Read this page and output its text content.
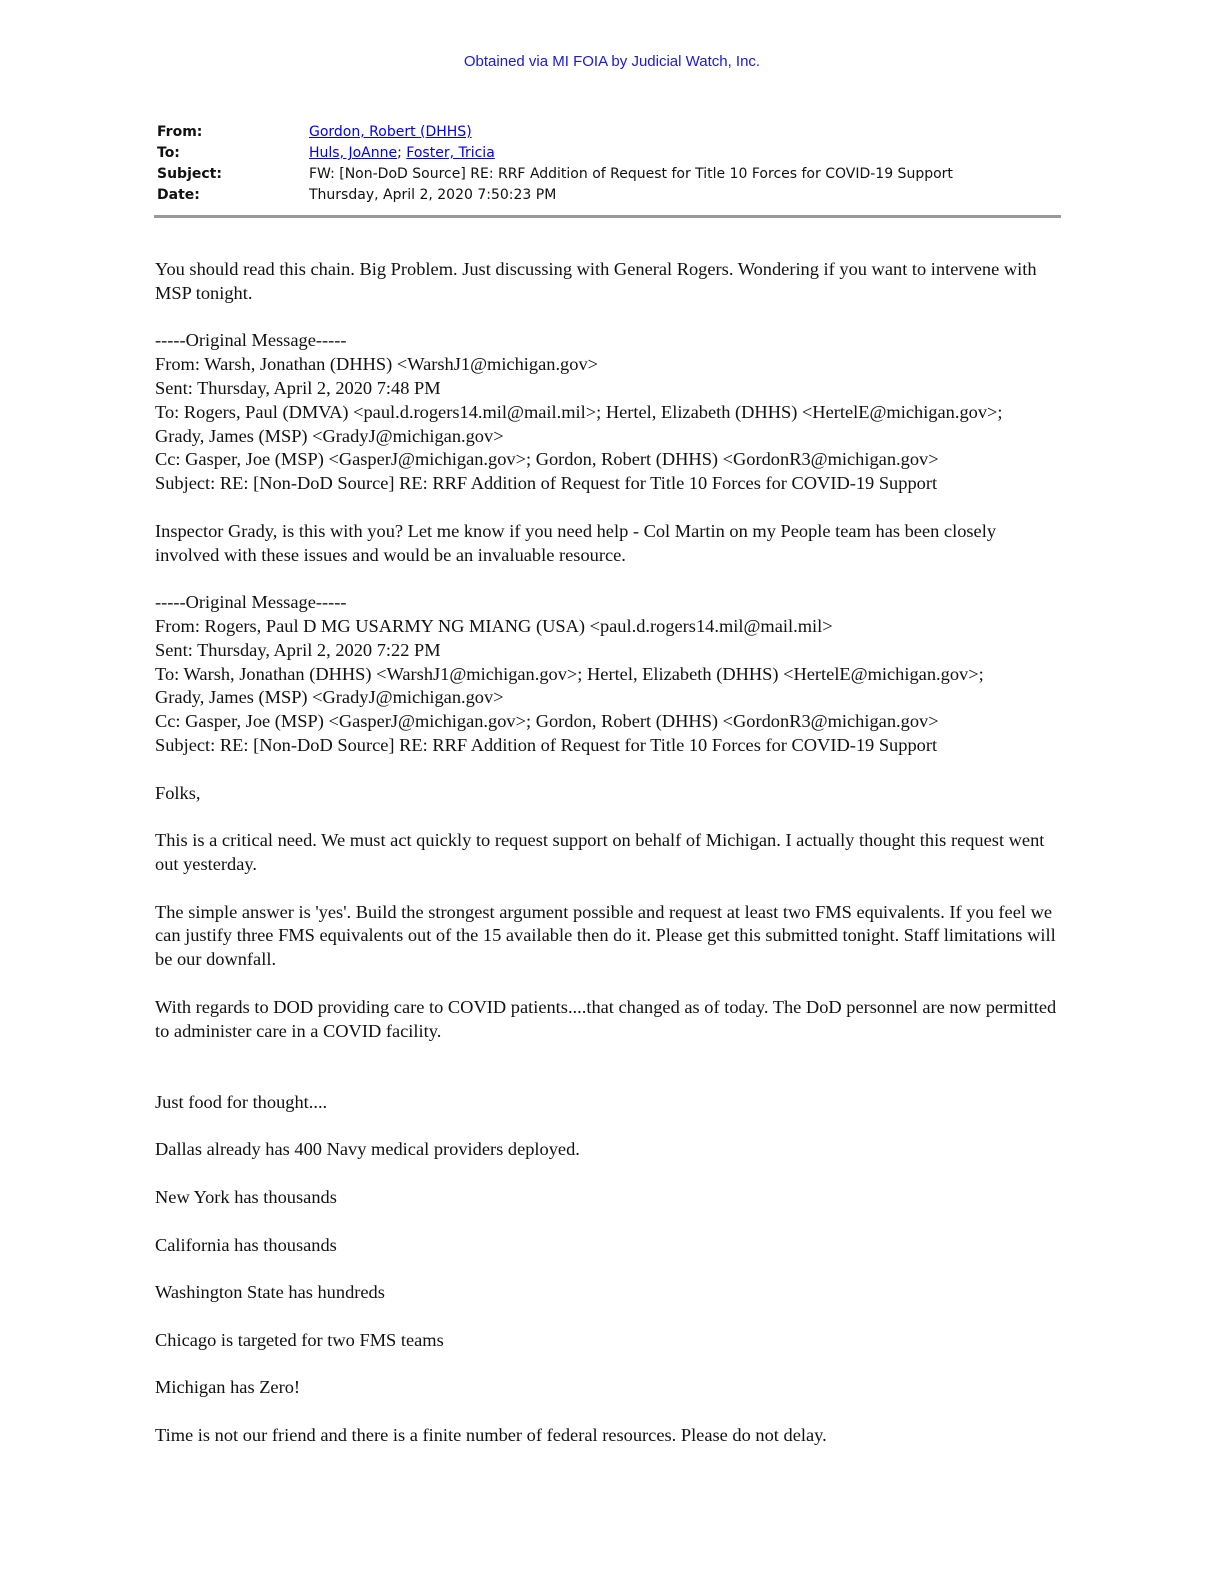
Obtained via MI FOIA by Judicial Watch, Inc.
From:	Gordon, Robert (DHHS)
To:	Huls, JoAnne; Foster, Tricia
Subject:	FW: [Non-DoD Source] RE: RRF Addition of Request for Title 10 Forces for COVID-19 Support
Date:	Thursday, April 2, 2020 7:50:23 PM

You should read this chain. Big Problem. Just discussing with General Rogers. Wondering if you want to intervene with MSP tonight.

-----Original Message-----

From: Warsh, Jonathan (DHHS) <WarshJ1@michigan.gov>

Sent: Thursday, April 2, 2020 7:48 PM

To: Rogers, Paul (DMVA) <paul.d.rogers14.mil@mail.mil>; Hertel, Elizabeth (DHHS) <HertelE@michigan.gov>;

Grady, James (MSP) <GradyJ@michigan.gov>

Cc: Gasper, Joe (MSP) <GasperJ@michigan.gov>; Gordon, Robert (DHHS) <GordonR3@michigan.gov>

Subject: RE: [Non-DoD Source] RE: RRF Addition of Request for Title 10 Forces for COVID-19 Support

Inspector Grady, is this with you? Let me know if you need help - Col Martin on my People team has been closely involved with these issues and would be an invaluable resource.

-----Original Message-----

From: Rogers, Paul D MG USARMY NG MIANG (USA) <paul.d.rogers14.mil@mail.mil>

Sent: Thursday, April 2, 2020 7:22 PM

To: Warsh, Jonathan (DHHS) <WarshJ1@michigan.gov>; Hertel, Elizabeth (DHHS) <HertelE@michigan.gov>;

Grady, James (MSP) <GradyJ@michigan.gov>

Cc: Gasper, Joe (MSP) <GasperJ@michigan.gov>; Gordon, Robert (DHHS) <GordonR3@michigan.gov>

Subject: RE: [Non-DoD Source] RE: RRF Addition of Request for Title 10 Forces for COVID-19 Support

Folks,

This is a critical need. We must act quickly to request support on behalf of Michigan. I actually thought this request went out yesterday.

The simple answer is 'yes'. Build the strongest argument possible and request at least two FMS equivalents. If you feel we can justify three FMS equivalents out of the 15 available then do it. Please get this submitted tonight. Staff limitations will be our downfall.

With regards to DOD providing care to COVID patients....that changed as of today. The DoD personnel are now permitted to administer care in a COVID facility.

Just food for thought....

Dallas already has 400 Navy medical providers deployed.

New York has thousands

California has thousands

Washington State has hundreds

Chicago is targeted for two FMS teams

Michigan has Zero!

Time is not our friend and there is a finite number of federal resources. Please do not delay.
